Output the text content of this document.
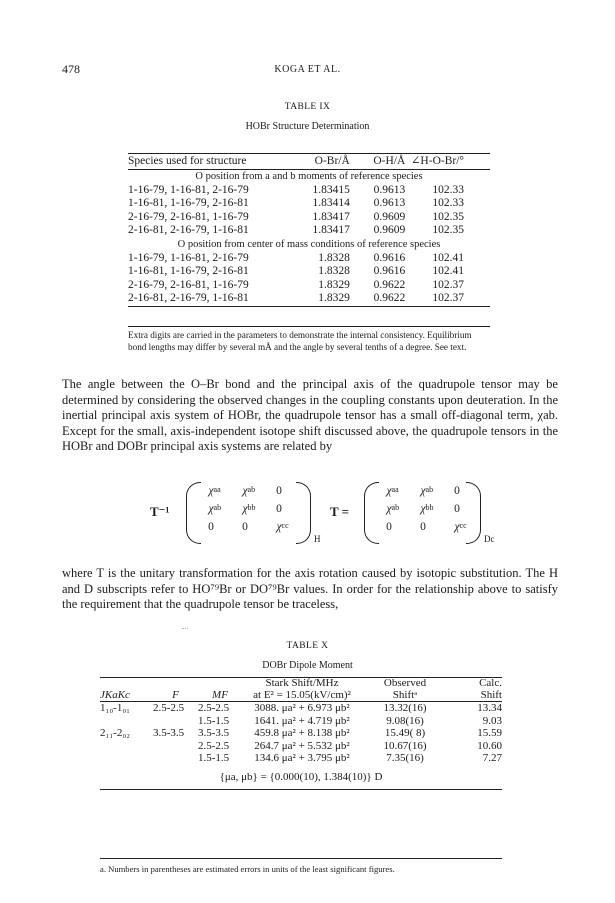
478	KOGA ET AL.
TABLE IX
HOBr Structure Determination
Species used for structure	O-Br/Å	O-H/Å	∠H-O-Br/°
O position from a and b moments of reference species			
1-16-79, 1-16-81, 2-16-79	1.83415	0.9613	102.33
1-16-81, 1-16-79, 2-16-81	1.83414	0.9613	102.33
2-16-79, 2-16-81, 1-16-79	1.83417	0.9609	102.35
2-16-81, 2-16-79, 1-16-81	1.83417	0.9609	102.35
O position from center of mass conditions of reference species			
1-16-79, 1-16-81, 2-16-79	1.8328	0.9616	102.41
1-16-81, 1-16-79, 2-16-81	1.8328	0.9616	102.41
2-16-79, 2-16-81, 1-16-79	1.8329	0.9622	102.37
2-16-81, 2-16-79, 1-16-81	1.8329	0.9622	102.37
Extra digits are carried in the parameters to demonstrate the internal consistency. Equilibrium bond lengths may differ by several mÅ and the angle by several tenths of a degree. See text.
The angle between the O–Br bond and the principal axis of the quadrupole tensor may be determined by considering the observed changes in the coupling constants upon deuteration. In the inertial principal axis system of HOBr, the quadrupole tensor has a small off-diagonal term, χab. Except for the small, axis-independent isotope shift discussed above, the quadrupole tensors in the HOBr and DOBr principal axis systems are related by
T⁻¹
χ aa	χ ab	0
χ ab	χ bb	0
0	0	χ cc
H
T =
χ aa	χ ab	0
χ ab	χ bb	0
0	0	χ cc
Dc
where T is the unitary transformation for the axis rotation caused by isotopic substitution. The H and D subscripts refer to HO⁷⁹Br or DO⁷⁹Br values. In order for the relationship above to satisfy the requirement that the quadrupole tensor be traceless,
TABLE X
DOBr Dipole Moment
			Stark Shift/MHz	Observed	Calc.
JKaKc	F	MF	at E² = 15.05(kV/cm)²	Shiftᵃ	Shift
1₁₀-1₀₁	2.5-2.5	2.5-2.5	3088. μa² + 6.973 μb²	13.32(16)	13.34
		1.5-1.5	1641. μa² + 4.719 μb²	9.08(16)	9.03
2₁₁-2₀₂	3.5-3.5	3.5-3.5	459.8 μa² + 8.138 μb²	15.49( 8)	15.59
		2.5-2.5	264.7 μa² + 5.532 μb²	10.67(16)	10.60
		1.5-1.5	134.6 μa² + 3.795 μb²	7.35(16)	7.27
{μa, μb} = {0.000(10), 1.384(10)} D					
a. Numbers in parentheses are estimated errors in units of the least significant figures.
